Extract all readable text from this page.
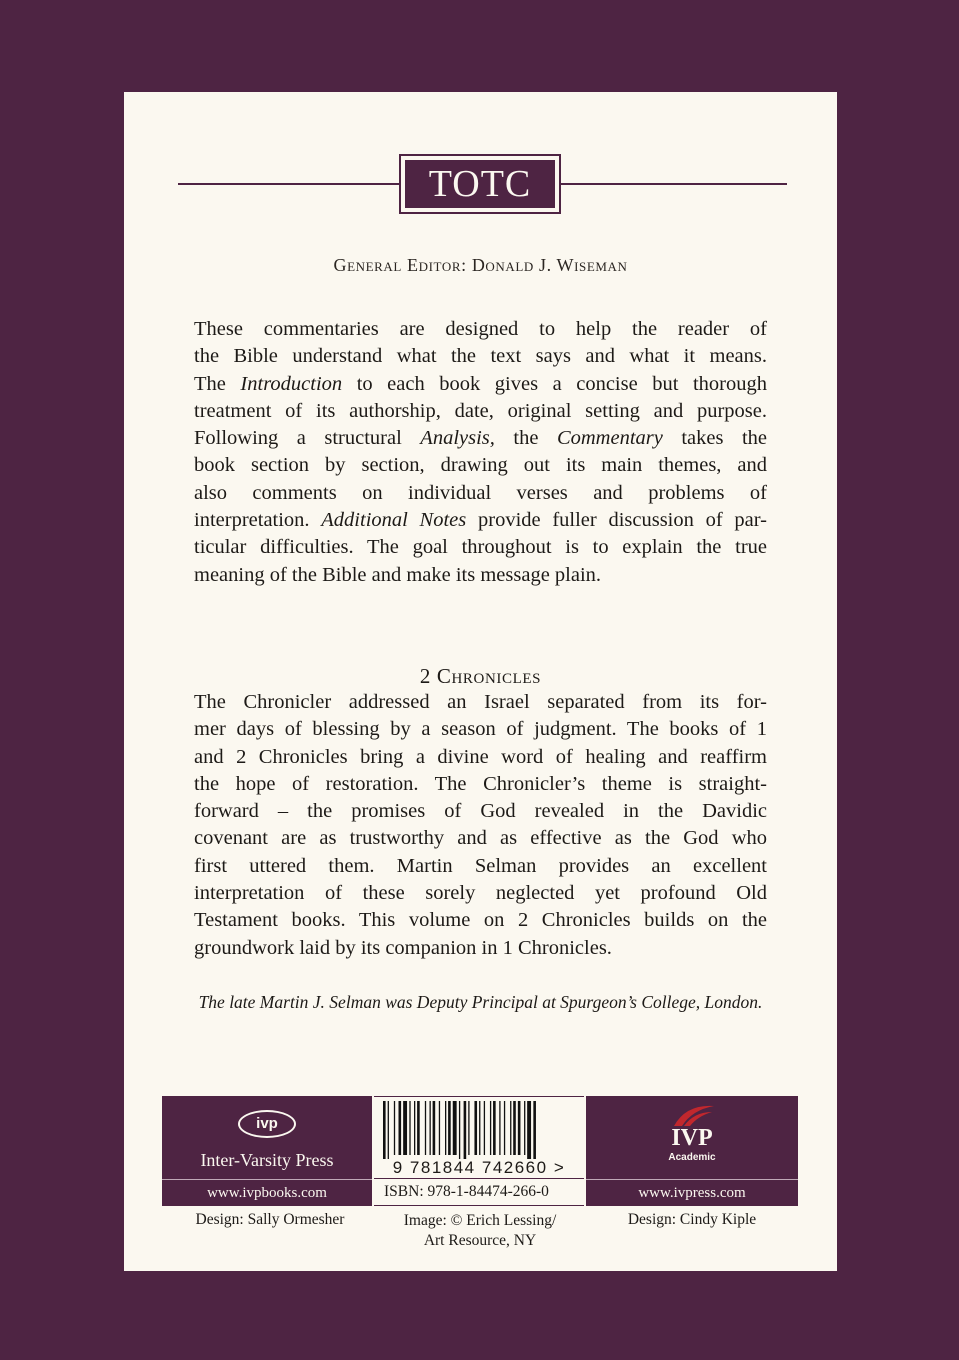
TOTC
General Editor: Donald J. Wiseman
These commentaries are designed to help the reader of
the Bible understand what the text says and what it means.
The Introduction to each book gives a concise but thorough
treatment of its authorship, date, original setting and purpose.
Following a structural Analysis, the Commentary takes the
book section by section, drawing out its main themes, and
also comments on individual verses and problems of
interpretation. Additional Notes provide fuller discussion of par-
ticular difficulties. The goal throughout is to explain the true
meaning of the Bible and make its message plain.
2 Chronicles
The Chronicler addressed an Israel separated from its for-
mer days of blessing by a season of judgment. The books of 1
and 2 Chronicles bring a divine word of healing and reaffirm
the hope of restoration. The Chronicler’s theme is straight-
forward – the promises of God revealed in the Davidic
covenant are as trustworthy and as effective as the God who
first uttered them. Martin Selman provides an excellent
interpretation of these sorely neglected yet profound Old
Testament books. This volume on 2 Chronicles builds on the
groundwork laid by its companion in 1 Chronicles.
The late Martin J. Selman was Deputy Principal at Spurgeon’s College, London.
ivp
Inter-Varsity Press
www.ivpbooks.com
9 781844 742660 >
ISBN: 978-1-84474-266-0
IVP
Academic
www.ivpress.com
Design: Sally Ormesher	Image: © Erich Lessing/
Art Resource, NY
Design: Cindy Kiple
